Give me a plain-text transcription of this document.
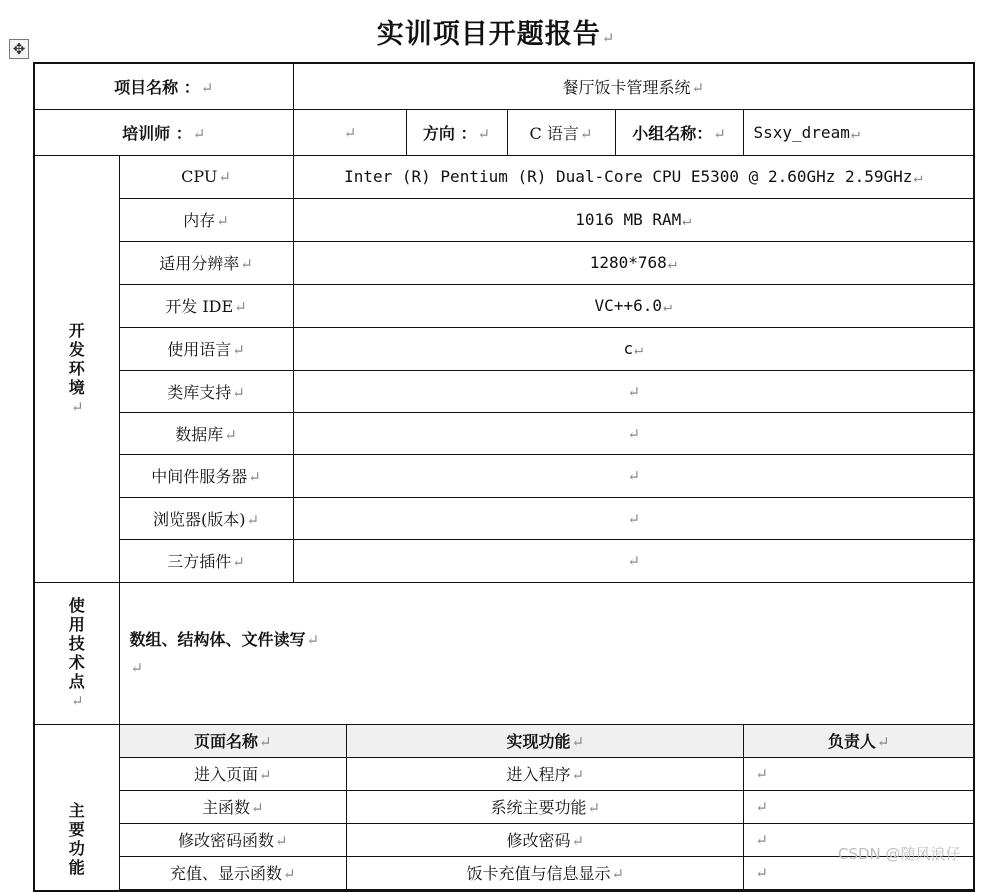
实训项目开题报告↵
✥
项目名称 ：↵	餐厅饭卡管理系统↵
培训师 ：↵	↵	方向 ：↵	C 语言↵	小组名称：↵	Ssxy_dream↵

开
发
环
境
↵	CPU↵	Inter (R) Pentium (R) Dual-Core CPU E5300 @ 2.60GHz 2.59GHz↵
内存↵	1016 MB RAM↵
适用分辨率↵	1280*768↵
开发 IDE↵	VC++6.0↵
使用语言↵	c↵
类库支持↵	↵
数据库↵	↵
中间件服务器↵	↵
浏览器(版本)↵	↵
三方插件↵	↵

使
用
技
术
点
↵	
数组、结构体、文件读写↵
↵

主
要
功
能

页面名称↵	实现功能↵	负责人↵
进入页面↵	进入程序↵	↵
主函数↵	系统主要功能↵	↵
修改密码函数↵	修改密码↵	↵
充值、显示函数↵	饭卡充值与信息显示↵	↵
CSDN @随风浪仔
